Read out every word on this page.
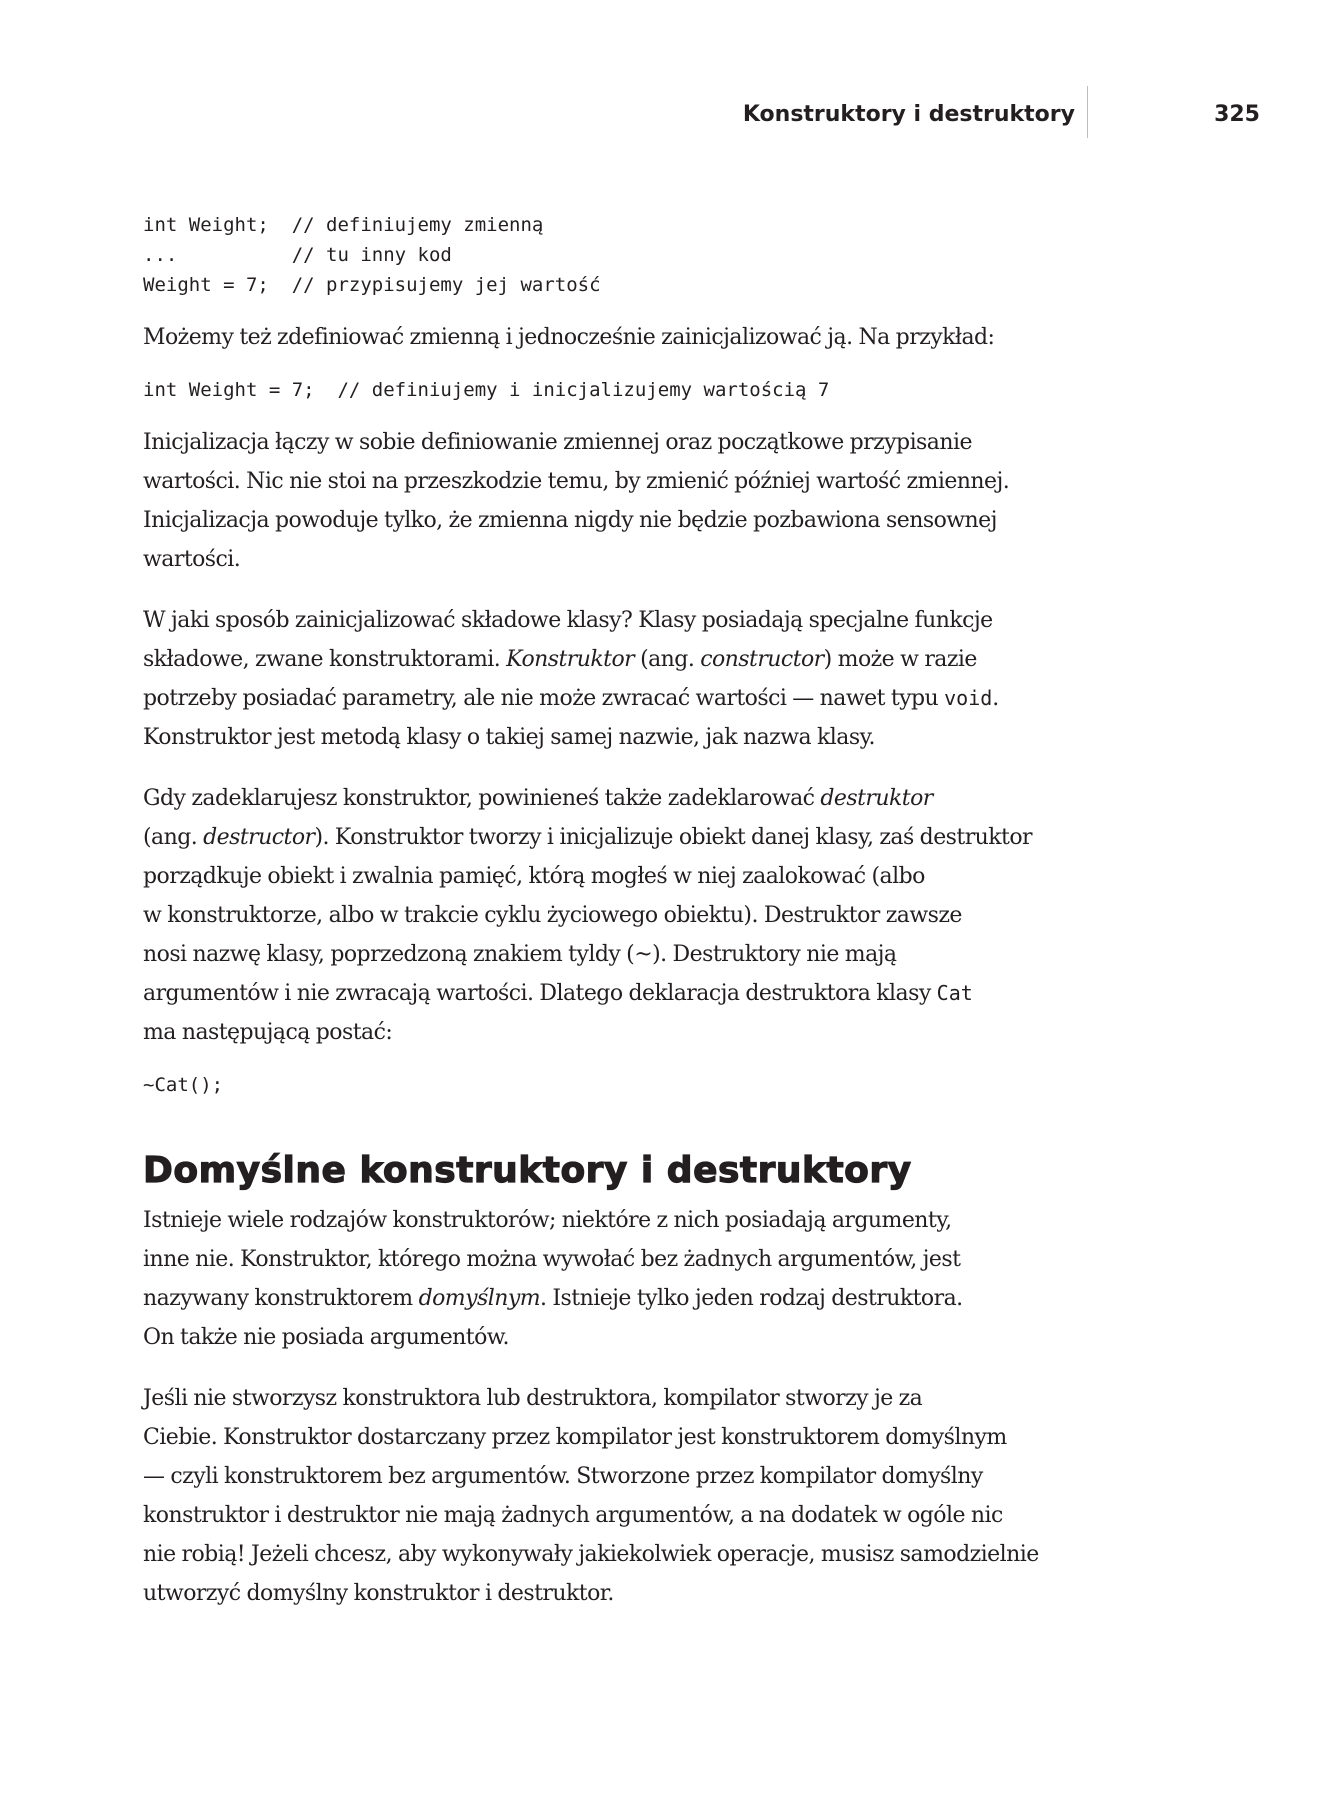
Konstruktory i destruktory	325
int Weight;  // definiujemy zmienną
...          // tu inny kod
Weight = 7;  // przypisujemy jej wartość

Możemy też zdefiniować zmienną i jednocześnie zainicjalizować ją. Na przykład:

int Weight = 7;  // definiujemy i inicjalizujemy wartością 7

Inicjalizacja łączy w sobie definiowanie zmiennej oraz początkowe przypisanie
wartości. Nic nie stoi na przeszkodzie temu, by zmienić później wartość zmiennej.
Inicjalizacja powoduje tylko, że zmienna nigdy nie będzie pozbawiona sensownej
wartości.

W jaki sposób zainicjalizować składowe klasy? Klasy posiadają specjalne funkcje
składowe, zwane konstruktorami. Konstruktor (ang. constructor) może w razie
potrzeby posiadać parametry, ale nie może zwracać wartości — nawet typu void.
Konstruktor jest metodą klasy o takiej samej nazwie, jak nazwa klasy.

Gdy zadeklarujesz konstruktor, powinieneś także zadeklarować destruktor
(ang. destructor). Konstruktor tworzy i inicjalizuje obiekt danej klasy, zaś destruktor
porządkuje obiekt i zwalnia pamięć, którą mogłeś w niej zaalokować (albo
w konstruktorze, albo w trakcie cyklu życiowego obiektu). Destruktor zawsze
nosi nazwę klasy, poprzedzoną znakiem tyldy (~). Destruktory nie mają
argumentów i nie zwracają wartości. Dlatego deklaracja destruktora klasy Cat
ma następującą postać:

~Cat();
Domyślne konstruktory i destruktory

Istnieje wiele rodzajów konstruktorów; niektóre z nich posiadają argumenty,
inne nie. Konstruktor, którego można wywołać bez żadnych argumentów, jest
nazywany konstruktorem domyślnym. Istnieje tylko jeden rodzaj destruktora.
On także nie posiada argumentów.

Jeśli nie stworzysz konstruktora lub destruktora, kompilator stworzy je za
Ciebie. Konstruktor dostarczany przez kompilator jest konstruktorem domyślnym
— czyli konstruktorem bez argumentów. Stworzone przez kompilator domyślny
konstruktor i destruktor nie mają żadnych argumentów, a na dodatek w ogóle nic
nie robią! Jeżeli chcesz, aby wykonywały jakiekolwiek operacje, musisz samodzielnie
utworzyć domyślny konstruktor i destruktor.
